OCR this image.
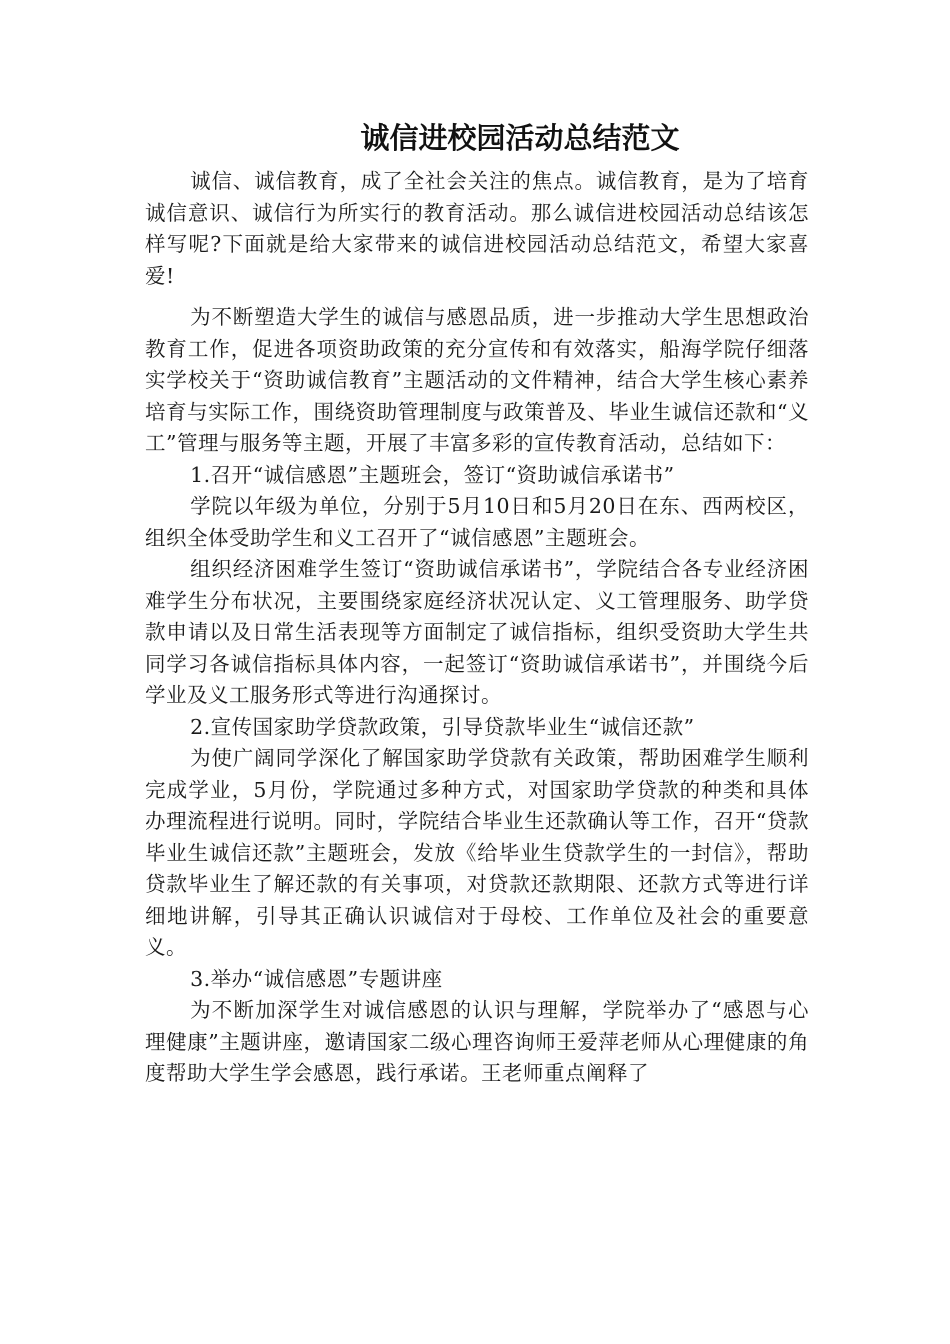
诚信进校园活动总结范文

诚信、诚信教育，成了全社会关注的焦点。诚信教育，是为了培育诚信意识、诚信行为所实行的教育活动。那么诚信进校园活动总结该怎样写呢?下面就是给大家带来的诚信进校园活动总结范文，希望大家喜爱!

为不断塑造大学生的诚信与感恩品质，进一步推动大学生思想政治教育工作，促进各项资助政策的充分宣传和有效落实，船海学院仔细落实学校关于“资助诚信教育”主题活动的文件精神，结合大学生核心素养培育与实际工作，围绕资助管理制度与政策普及、毕业生诚信还款和“义工”管理与服务等主题，开展了丰富多彩的宣传教育活动，总结如下：

1.召开“诚信感恩”主题班会，签订“资助诚信承诺书”

学院以年级为单位，分别于5月10日和5月20日在东、西两校区，组织全体受助学生和义工召开了“诚信感恩”主题班会。

组织经济困难学生签订“资助诚信承诺书”，学院结合各专业经济困难学生分布状况，主要围绕家庭经济状况认定、义工管理服务、助学贷款申请以及日常生活表现等方面制定了诚信指标，组织受资助大学生共同学习各诚信指标具体内容，一起签订“资助诚信承诺书”，并围绕今后学业及义工服务形式等进行沟通探讨。

2.宣传国家助学贷款政策，引导贷款毕业生“诚信还款”

为使广阔同学深化了解国家助学贷款有关政策，帮助困难学生顺利完成学业，5月份，学院通过多种方式，对国家助学贷款的种类和具体办理流程进行说明。同时，学院结合毕业生还款确认等工作，召开“贷款毕业生诚信还款”主题班会，发放《给毕业生贷款学生的一封信》，帮助贷款毕业生了解还款的有关事项，对贷款还款期限、还款方式等进行详细地讲解，引导其正确认识诚信对于母校、工作单位及社会的重要意义。

3.举办“诚信感恩”专题讲座

为不断加深学生对诚信感恩的认识与理解，学院举办了“感恩与心理健康”主题讲座，邀请国家二级心理咨询师王爱萍老师从心理健康的角度帮助大学生学会感恩，践行承诺。王老师重点阐释了
